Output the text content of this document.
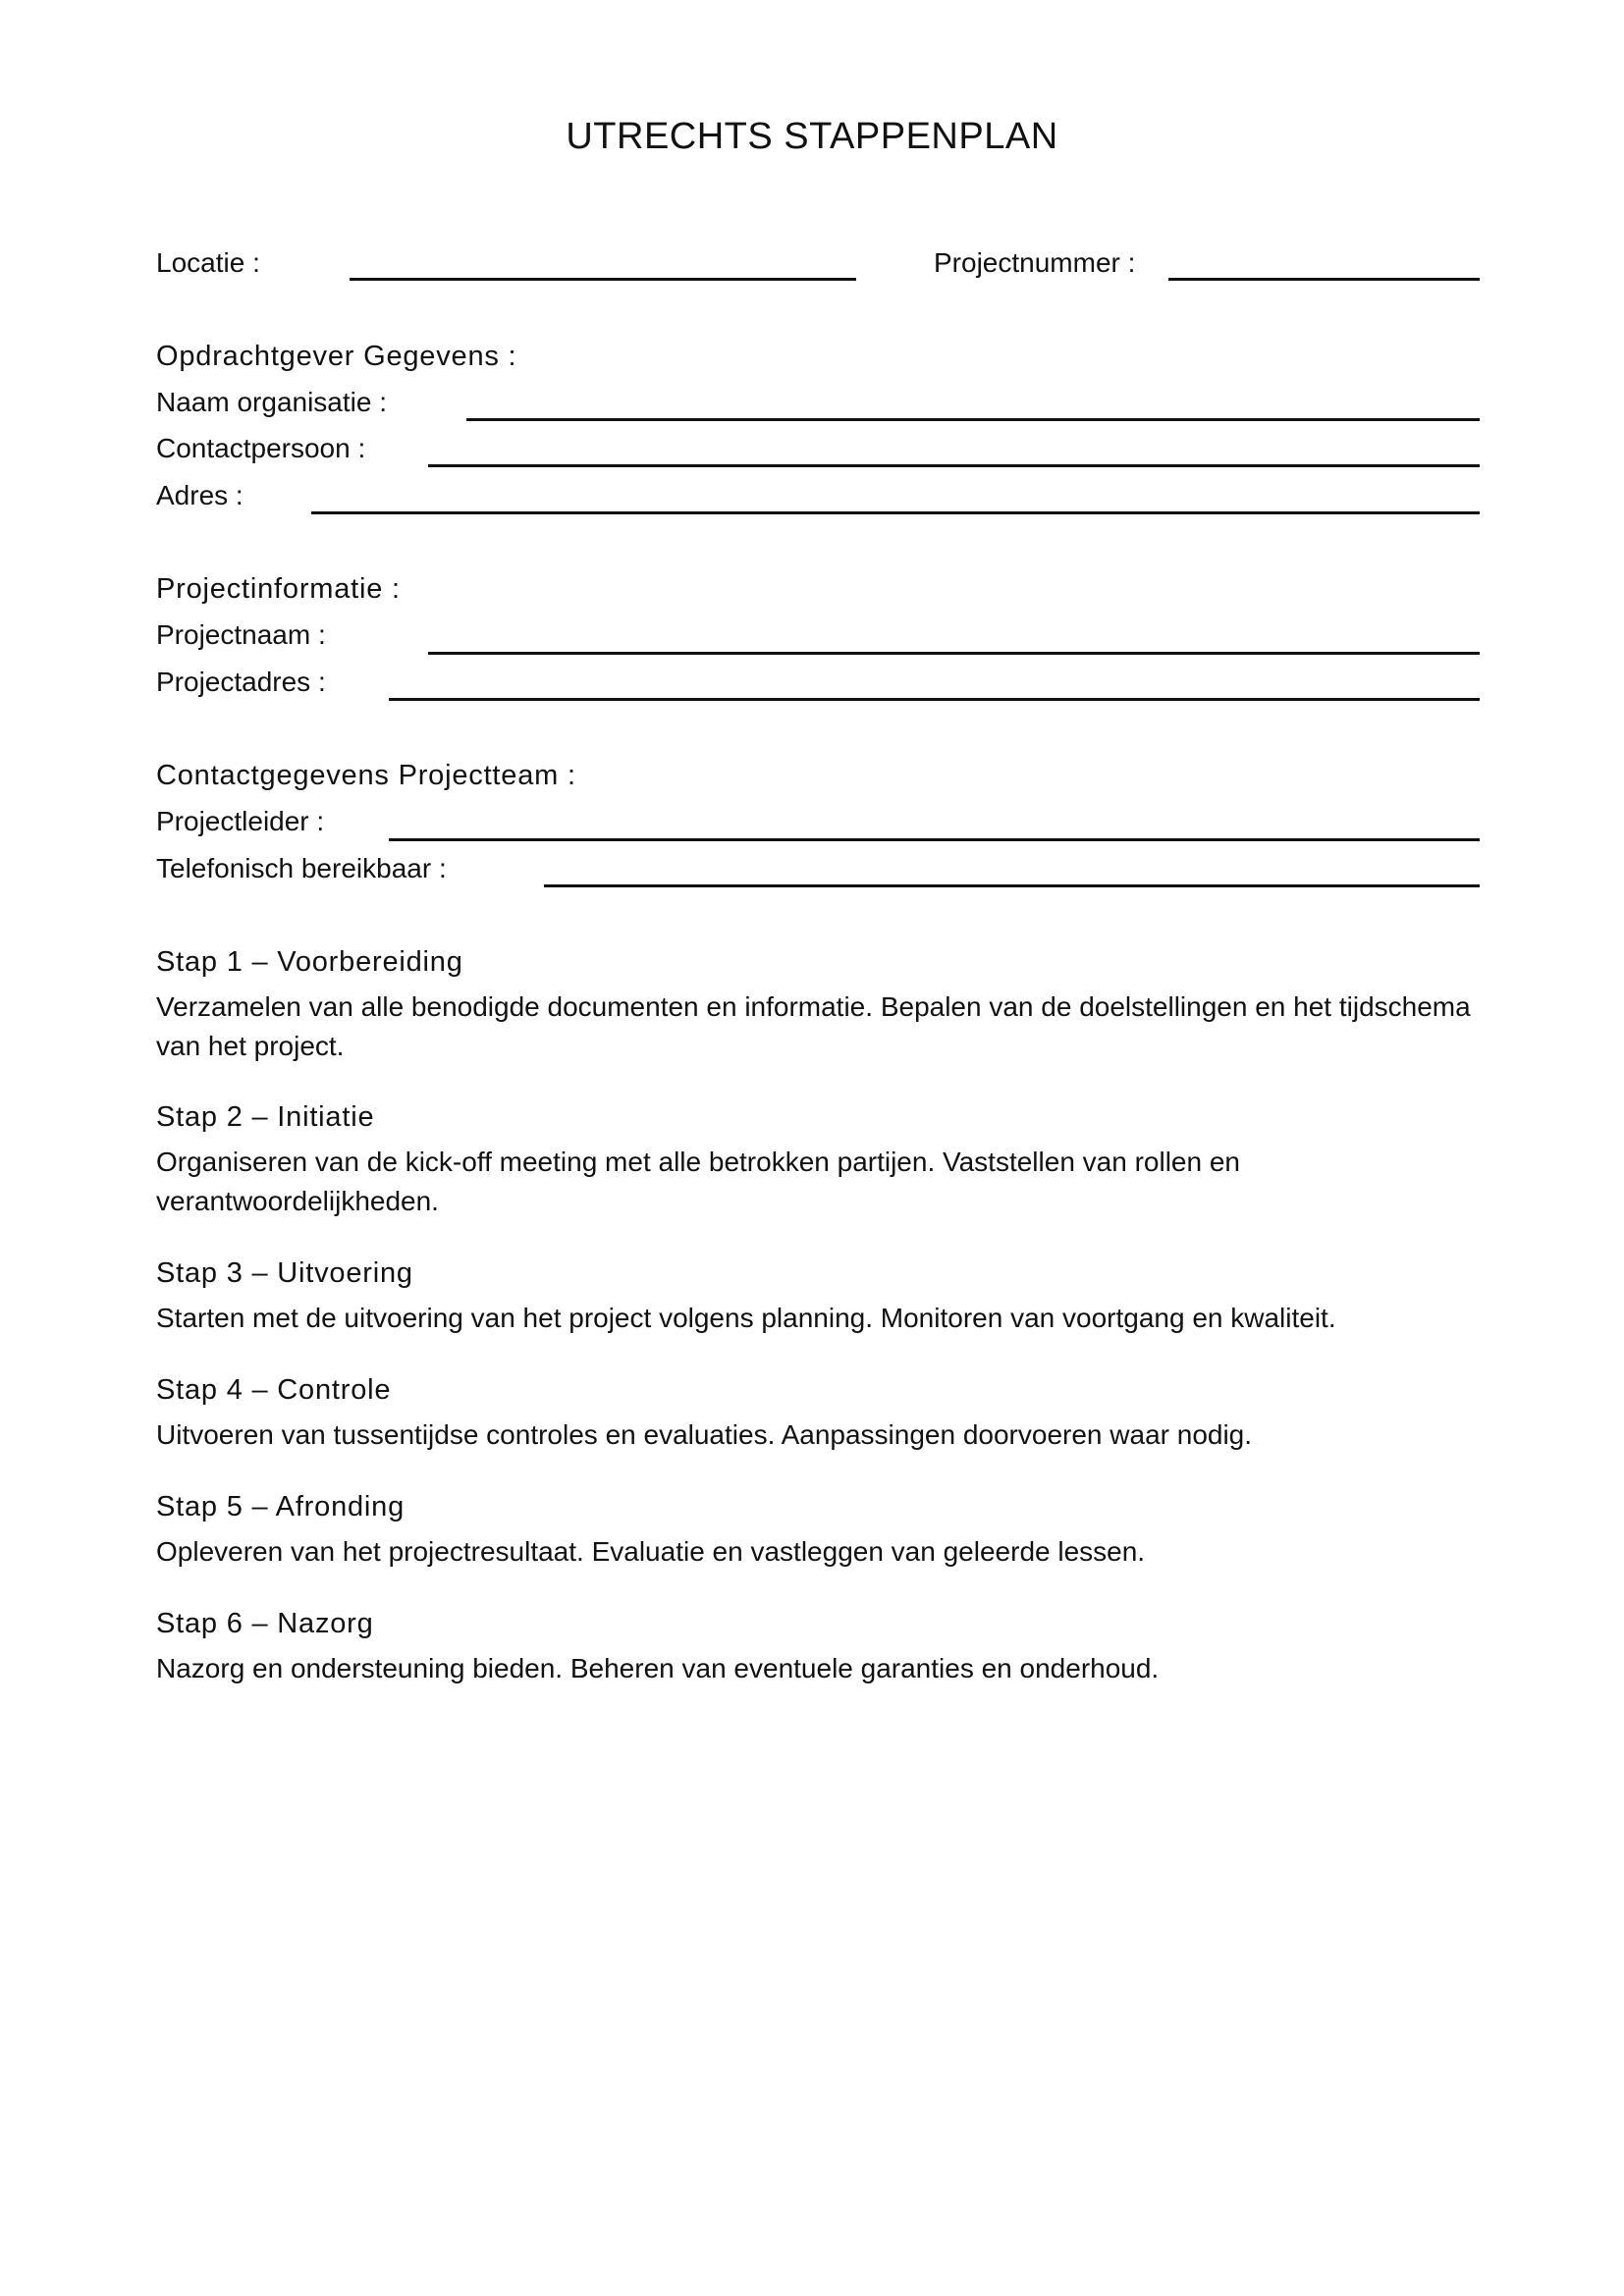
UTRECHTS STAPPENPLAN
Locatie :	Projectnummer :
Opdrachtgever Gegevens :
Naam organisatie :
Contactpersoon :
Adres :
Projectinformatie :
Projectnaam :
Projectadres :
Contactgegevens Projectteam :
Projectleider :
Telefonisch bereikbaar :
Stap 1 – Voorbereiding
Verzamelen van alle benodigde documenten en informatie. Bepalen van de doelstellingen en het tijdschema van het project.
Stap 2 – Initiatie
Organiseren van de kick-off meeting met alle betrokken partijen. Vaststellen van rollen en verantwoordelijkheden.
Stap 3 – Uitvoering
Starten met de uitvoering van het project volgens planning. Monitoren van voortgang en kwaliteit.
Stap 4 – Controle
Uitvoeren van tussentijdse controles en evaluaties. Aanpassingen doorvoeren waar nodig.
Stap 5 – Afronding
Opleveren van het projectresultaat. Evaluatie en vastleggen van geleerde lessen.
Stap 6 – Nazorg
Nazorg en ondersteuning bieden. Beheren van eventuele garanties en onderhoud.
